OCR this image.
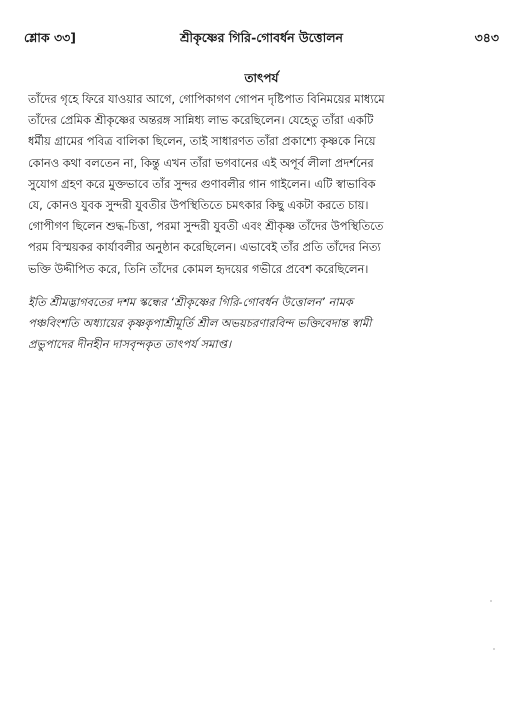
শ্লোক ৩৩]	শ্রীকৃষ্ণের গিরি-গোবর্ধন উত্তোলন	৩৪৩
তাৎপর্য
তাঁদের গৃহে ফিরে যাওয়ার আগে, গোপিকাগণ গোপন দৃষ্টিপাত বিনিময়ের মাধ্যমে
তাঁদের প্রেমিক শ্রীকৃষ্ণের অন্তরঙ্গ সান্নিধ্য লাভ করেছিলেন। যেহেতু তাঁরা একটি
ধর্মীয় গ্রামের পবিত্র বালিকা ছিলেন, তাই সাধারণত তাঁরা প্রকাশ্যে কৃষ্ণকে নিয়ে
কোনও কথা বলতেন না, কিন্তু এখন তাঁরা ভগবানের এই অপূর্ব লীলা প্রদর্শনের
সুযোগ গ্রহণ করে মুক্তভাবে তাঁর সুন্দর গুণাবলীর গান গাইলেন। এটি স্বাভাবিক
যে, কোনও যুবক সুন্দরী যুবতীর উপস্থিতিতে চমৎকার কিছু একটা করতে চায়।
গোপীগণ ছিলেন শুদ্ধ-চিত্তা, পরমা সুন্দরী যুবতী এবং শ্রীকৃষ্ণ তাঁদের উপস্থিতিতে
পরম বিস্ময়কর কার্যাবলীর অনুষ্ঠান করেছিলেন। এভাবেই তাঁর প্রতি তাঁদের নিত্য
ভক্তি উদ্দীপিত করে, তিনি তাঁদের কোমল হৃদয়ের গভীরে প্রবেশ করেছিলেন।
ইতি শ্রীমদ্ভাগবতের দশম স্কন্ধের ‘শ্রীকৃষ্ণের গিরি-গোবর্ধন উত্তোলন’ নামক
পঞ্চবিংশতি অধ্যায়ের কৃষ্ণকৃপাশ্রীমূর্তি শ্রীল অভয়চরণারবিন্দ ভক্তিবেদান্ত স্বামী
প্রভুপাদের দীনহীন দাসবৃন্দকৃত তাৎপর্য সমাপ্ত।
